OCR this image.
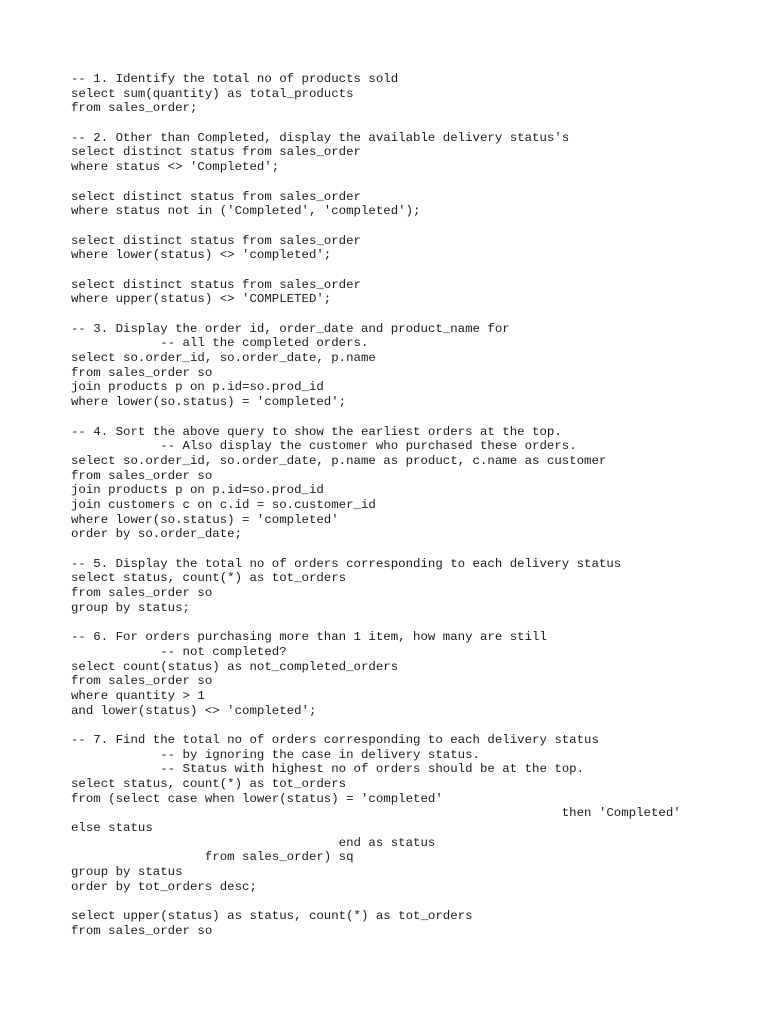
-- 1. Identify the total no of products sold
select sum(quantity) as total_products
from sales_order;
-- 2. Other than Completed, display the available delivery status's
select distinct status from sales_order
where status <> 'Completed';
select distinct status from sales_order
where status not in ('Completed', 'completed');
select distinct status from sales_order
where lower(status) <> 'completed';
select distinct status from sales_order
where upper(status) <> 'COMPLETED';
-- 3. Display the order id, order_date and product_name for
-- all the completed orders.
select so.order_id, so.order_date, p.name
from sales_order so
join products p on p.id=so.prod_id
where lower(so.status) = 'completed';
-- 4. Sort the above query to show the earliest orders at the top.
-- Also display the customer who purchased these orders.
select so.order_id, so.order_date, p.name as product, c.name as customer
from sales_order so
join products p on p.id=so.prod_id
join customers c on c.id = so.customer_id
where lower(so.status) = 'completed'
order by so.order_date;
-- 5. Display the total no of orders corresponding to each delivery status
select status, count(*) as tot_orders
from sales_order so
group by status;
-- 6. For orders purchasing more than 1 item, how many are still
-- not completed?
select count(status) as not_completed_orders
from sales_order so
where quantity > 1
and lower(status) <> 'completed';
-- 7. Find the total no of orders corresponding to each delivery status
-- by ignoring the case in delivery status.
-- Status with highest no of orders should be at the top.
select status, count(*) as tot_orders
from (select case when lower(status) = 'completed'
then 'Completed'
else status
end as status
from sales_order) sq
group by status
order by tot_orders desc;
select upper(status) as status, count(*) as tot_orders
from sales_order so
